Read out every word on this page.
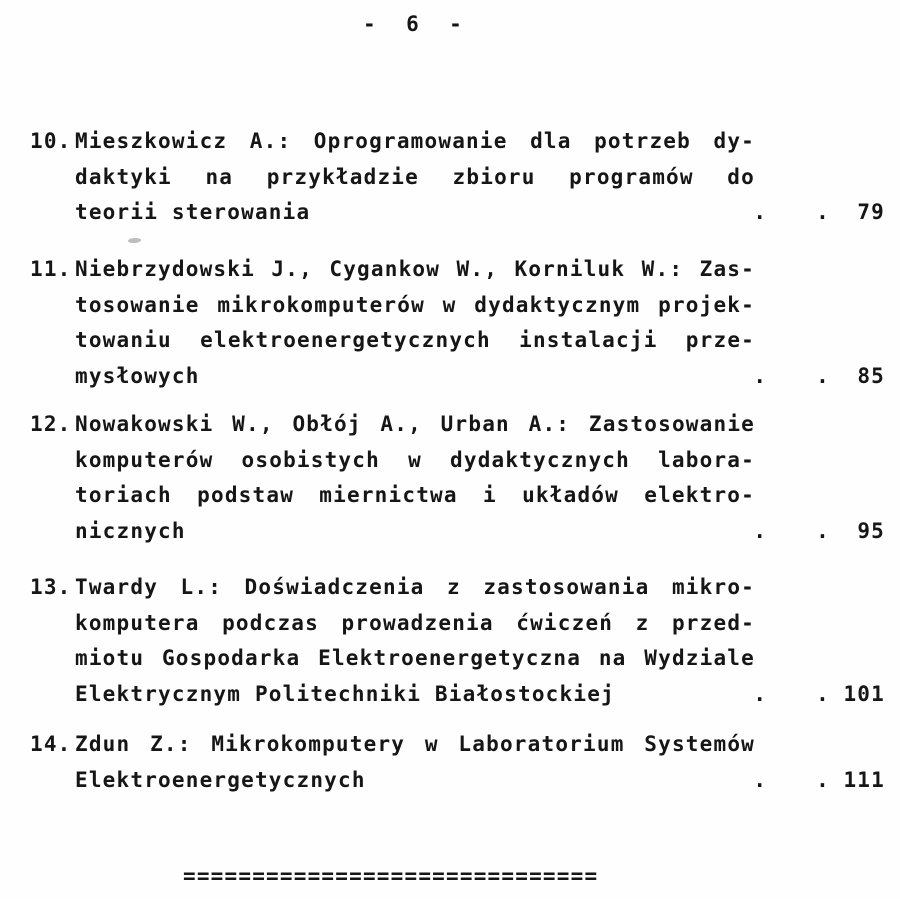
- 6 -
10. Mieszkowicz A.: Oprogramowanie dla potrzeb dy-
daktyki na przykładzie zbioru programów do
teorii sterowania	. .	79
11. Niebrzydowski J., Cygankow W., Korniluk W.: Zas-
tosowanie mikrokomputerów w dydaktycznym projek-
towaniu elektroenergetycznych instalacji prze-
mysłowych	. .	85
12. Nowakowski W., Obłój A., Urban A.: Zastosowanie
komputerów osobistych w dydaktycznych labora-
toriach podstaw miernictwa i układów elektro-
nicznych	. .	95
13. Twardy L.: Doświadczenia z zastosowania mikro-
komputera podczas prowadzenia ćwiczeń z przed-
miotu Gospodarka Elektroenergetyczna na Wydziale
Elektrycznym Politechniki Białostockiej	. . 101
14. Zdun Z.: Mikrokomputery w Laboratorium Systemów
Elektroenergetycznych	. . 111
==============================
